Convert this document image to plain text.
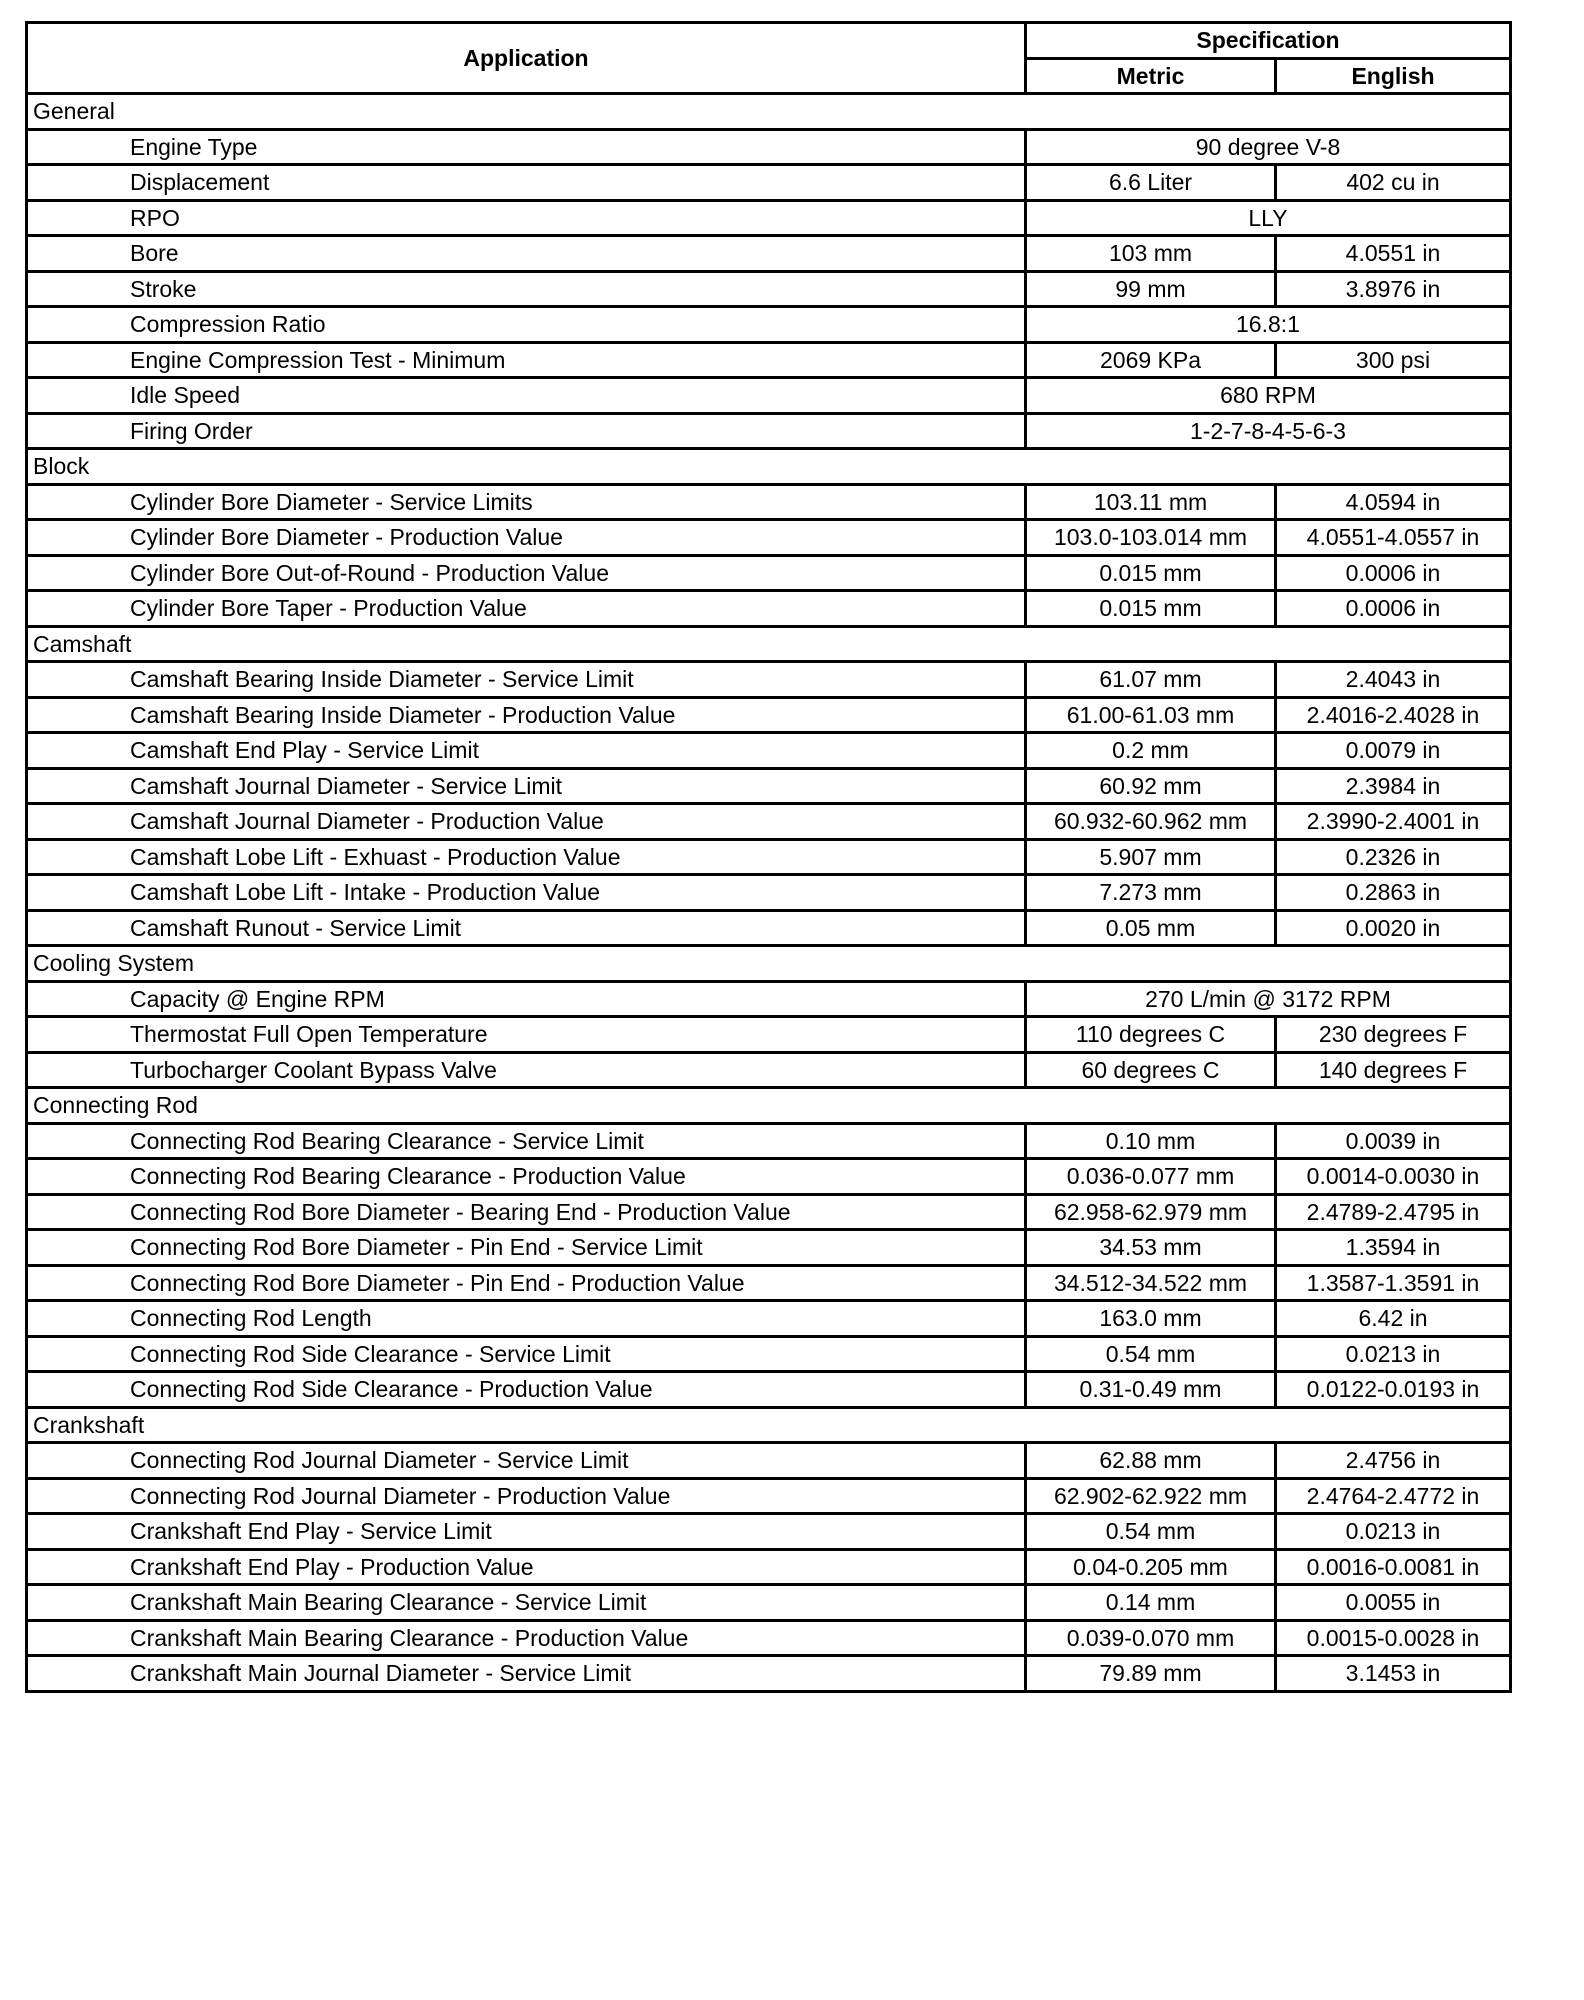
Application	Specification	
	Metric	English
General		
Engine Type	90 degree V-8	
Displacement	6.6 Liter	402 cu in
RPO	LLY	
Bore	103 mm	4.0551 in
Stroke	99 mm	3.8976 in
Compression Ratio	16.8:1	
Engine Compression Test - Minimum	2069 KPa	300 psi
Idle Speed	680 RPM	
Firing Order	1-2-7-8-4-5-6-3	
Block		
Cylinder Bore Diameter - Service Limits	103.11 mm	4.0594 in
Cylinder Bore Diameter - Production Value	103.0-103.014 mm	4.0551-4.0557 in
Cylinder Bore Out-of-Round - Production Value	0.015 mm	0.0006 in
Cylinder Bore Taper - Production Value	0.015 mm	0.0006 in
Camshaft		
Camshaft Bearing Inside Diameter - Service Limit	61.07 mm	2.4043 in
Camshaft Bearing Inside Diameter - Production Value	61.00-61.03 mm	2.4016-2.4028 in
Camshaft End Play - Service Limit	0.2 mm	0.0079 in
Camshaft Journal Diameter - Service Limit	60.92 mm	2.3984 in
Camshaft Journal Diameter - Production Value	60.932-60.962 mm	2.3990-2.4001 in
Camshaft Lobe Lift - Exhuast - Production Value	5.907 mm	0.2326 in
Camshaft Lobe Lift - Intake - Production Value	7.273 mm	0.2863 in
Camshaft Runout - Service Limit	0.05 mm	0.0020 in
Cooling System		
Capacity @ Engine RPM	270 L/min @ 3172 RPM	
Thermostat Full Open Temperature	110 degrees C	230 degrees F
Turbocharger Coolant Bypass Valve	60 degrees C	140 degrees F
Connecting Rod		
Connecting Rod Bearing Clearance - Service Limit	0.10 mm	0.0039 in
Connecting Rod Bearing Clearance - Production Value	0.036-0.077 mm	0.0014-0.0030 in
Connecting Rod Bore Diameter - Bearing End - Production Value	62.958-62.979 mm	2.4789-2.4795 in
Connecting Rod Bore Diameter - Pin End - Service Limit	34.53 mm	1.3594 in
Connecting Rod Bore Diameter - Pin End - Production Value	34.512-34.522 mm	1.3587-1.3591 in
Connecting Rod Length	163.0 mm	6.42 in
Connecting Rod Side Clearance - Service Limit	0.54 mm	0.0213 in
Connecting Rod Side Clearance - Production Value	0.31-0.49 mm	0.0122-0.0193 in
Crankshaft		
Connecting Rod Journal Diameter - Service Limit	62.88 mm	2.4756 in
Connecting Rod Journal Diameter - Production Value	62.902-62.922 mm	2.4764-2.4772 in
Crankshaft End Play - Service Limit	0.54 mm	0.0213 in
Crankshaft End Play - Production Value	0.04-0.205 mm	0.0016-0.0081 in
Crankshaft Main Bearing Clearance - Service Limit	0.14 mm	0.0055 in
Crankshaft Main Bearing Clearance - Production Value	0.039-0.070 mm	0.0015-0.0028 in
Crankshaft Main Journal Diameter - Service Limit	79.89 mm	3.1453 in
